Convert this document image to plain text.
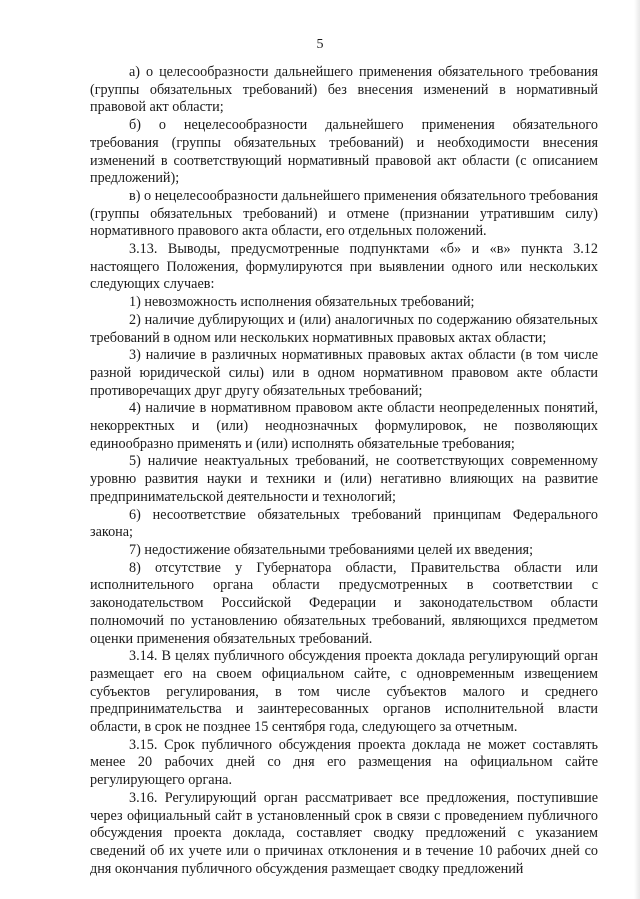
5

а) о целесообразности дальнейшего применения обязательного требования (группы обязательных требований) без внесения изменений в нормативный правовой акт области;

б) о нецелесообразности дальнейшего применения обязательного требования (группы обязательных требований) и необходимости внесения изменений в соответствующий нормативный правовой акт области (с описанием предложений);

в) о нецелесообразности дальнейшего применения обязательного требования (группы обязательных требований) и отмене (признании утратившим силу) нормативного правового акта области, его отдельных положений.

3.13. Выводы, предусмотренные подпунктами «б» и «в» пункта 3.12 настоящего Положения, формулируются при выявлении одного или нескольких следующих случаев:

1) невозможность исполнения обязательных требований;

2) наличие дублирующих и (или) аналогичных по содержанию обязательных требований в одном или нескольких нормативных правовых актах области;

3) наличие в различных нормативных правовых актах области (в том числе разной юридической силы) или в одном нормативном правовом акте области противоречащих друг другу обязательных требований;

4) наличие в нормативном правовом акте области неопределенных понятий, некорректных и (или) неоднозначных формулировок, не позволяющих единообразно применять и (или) исполнять обязательные требования;

5) наличие неактуальных требований, не соответствующих современному уровню развития науки и техники и (или) негативно влияющих на развитие предпринимательской деятельности и технологий;

6) несоответствие обязательных требований принципам Федерального закона;

7) недостижение обязательными требованиями целей их введения;

8) отсутствие у Губернатора области, Правительства области или исполнительного органа области предусмотренных в соответствии с законодательством Российской Федерации и законодательством области полномочий по установлению обязательных требований, являющихся предметом оценки применения обязательных требований.

3.14. В целях публичного обсуждения проекта доклада регулирующий орган размещает его на своем официальном сайте, с одновременным извещением субъектов регулирования, в том числе субъектов малого и среднего предпринимательства и заинтересованных органов исполнительной власти области, в срок не позднее 15 сентября года, следующего за отчетным.

3.15. Срок публичного обсуждения проекта доклада не может составлять менее 20 рабочих дней со дня его размещения на официальном сайте регулирующего органа.

3.16. Регулирующий орган рассматривает все предложения, поступившие через официальный сайт в установленный срок в связи с проведением публичного обсуждения проекта доклада, составляет сводку предложений с указанием сведений об их учете или о причинах отклонения и в течение 10 рабочих дней со дня окончания публичного обсуждения размещает сводку предложений
